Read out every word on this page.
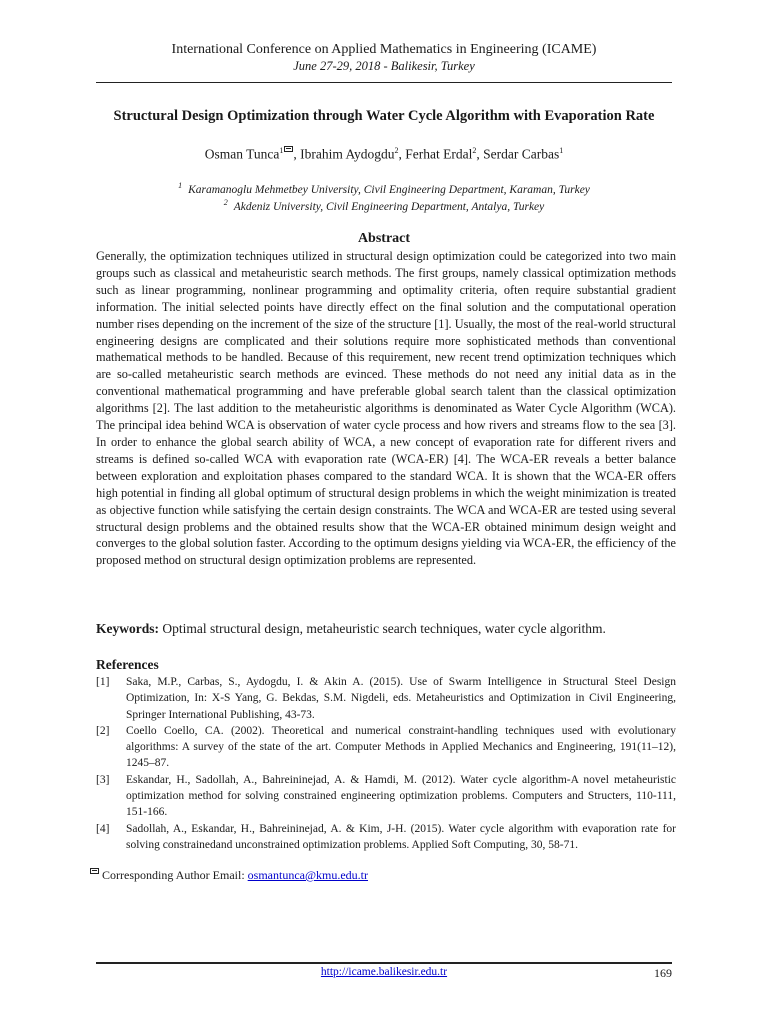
International Conference on Applied Mathematics in Engineering (ICAME)
June 27-29, 2018 - Balikesir, Turkey
Structural Design Optimization through Water Cycle Algorithm with Evaporation Rate
Osman Tunca$^1$ , Ibrahim Aydogdu$^2$, Ferhat Erdal$^2$, Serdar Carbas$^1$
$^1$ Karamanoglu Mehmetbey University, Civil Engineering Department, Karaman, Turkey
$^2$ Akdeniz University, Civil Engineering Department, Antalya, Turkey
Abstract

Generally, the optimization techniques utilized in structural design optimization could be categorized into two main groups such as classical and metaheuristic search methods. The first groups, namely classical optimization methods such as linear programming, nonlinear programming and optimality criteria, often require substantial gradient information. The initial selected points have directly effect on the final solution and the computational operation number rises depending on the increment of the size of the structure [1]. Usually, the most of the real-world structural engineering designs are complicated and their solutions require more sophisticated methods than conventional mathematical methods to be handled. Because of this requirement, new recent trend optimization techniques which are so-called metaheuristic search methods are evinced. These methods do not need any initial data as in the conventional mathematical programming and have preferable global search talent than the classical optimization algorithms [2]. The last addition to the metaheuristic algorithms is denominated as Water Cycle Algorithm (WCA). The principal idea behind WCA is observation of water cycle process and how rivers and streams flow to the sea [3]. In order to enhance the global search ability of WCA, a new concept of evaporation rate for different rivers and streams is defined so-called WCA with evaporation rate (WCA-ER) [4]. The WCA-ER reveals a better balance between exploration and exploitation phases compared to the standard WCA. It is shown that the WCA-ER offers high potential in finding all global optimum of structural design problems in which the weight minimization is treated as objective function while satisfying the certain design constraints. The WCA and WCA-ER are tested using several structural design problems and the obtained results show that the WCA-ER obtained minimum design weight and converges to the global solution faster. According to the optimum designs yielding via WCA-ER, the efficiency of the proposed method on structural design optimization problems are represented.

Keywords: Optimal structural design, metaheuristic search techniques, water cycle algorithm.
References
[1] Saka, M.P., Carbas, S., Aydogdu, I. & Akin A. (2015). Use of Swarm Intelligence in Structural Steel Design Optimization, In: X-S Yang, G. Bekdas, S.M. Nigdeli, eds. Metaheuristics and Optimization in Civil Engineering, Springer International Publishing, 43-73.
[2] Coello Coello, CA. (2002). Theoretical and numerical constraint-handling techniques used with evolutionary algorithms: A survey of the state of the art. Computer Methods in Applied Mechanics and Engineering, 191(11–12), 1245–87.
[3] Eskandar, H., Sadollah, A., Bahreininejad, A. & Hamdi, M. (2012). Water cycle algorithm-A novel metaheuristic optimization method for solving constrained engineering optimization problems. Computers and Structers, 110-111, 151-166.
[4] Sadollah, A., Eskandar, H., Bahreininejad, A. & Kim, J-H. (2015). Water cycle algorithm with evaporation rate for solving constrainedand unconstrained optimization problems. Applied Soft Computing, 30, 58-71.
Corresponding Author Email: osmantunca@kmu.edu.tr
http://icame.balikesir.edu.tr	169
